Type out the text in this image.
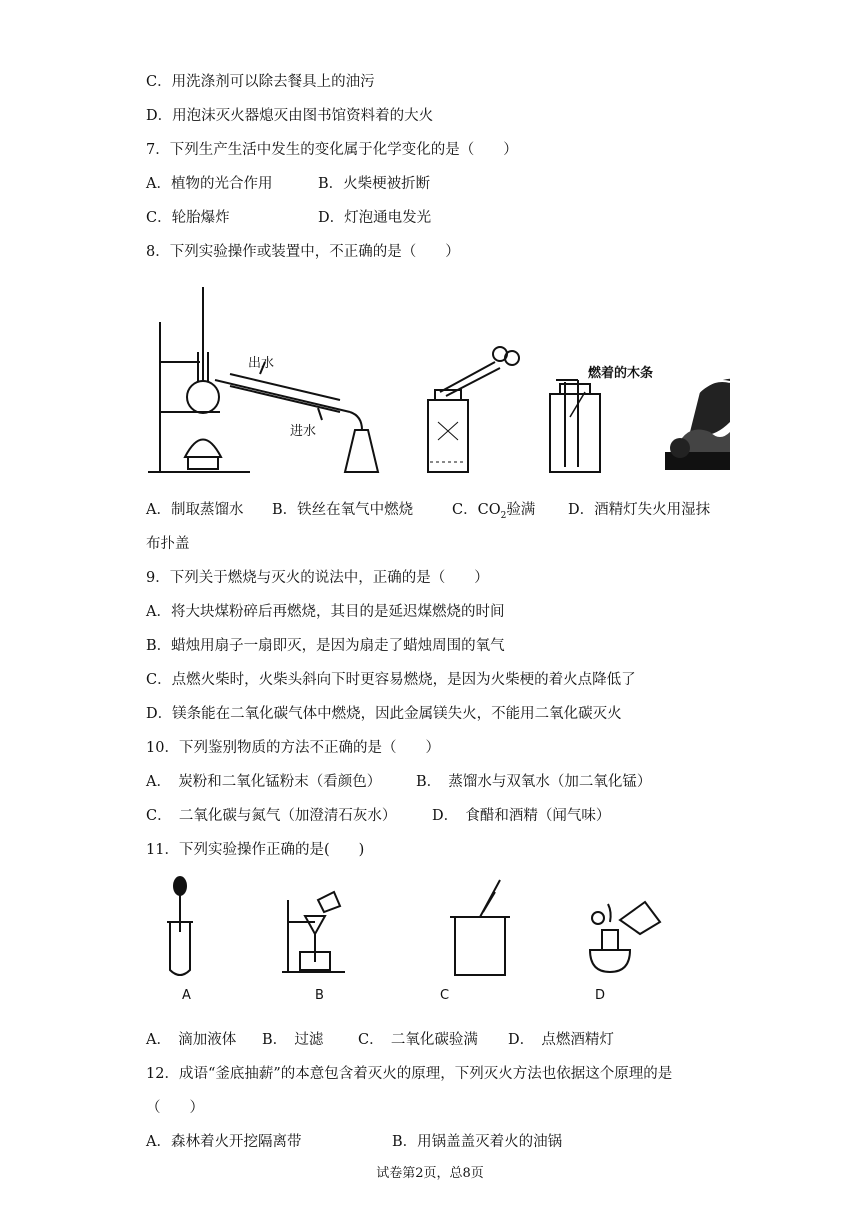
C．用洗涤剂可以除去餐具上的油污
D．用泡沫灭火器熄灭由图书馆资料着的大火
7．下列生产生活中发生的变化属于化学变化的是（　　）
A．植物的光合作用	B．火柴梗被折断
C．轮胎爆炸	D．灯泡通电发光
8．下列实验操作或装置中，不正确的是（　　）
出水
进水
燃着的木条
A．制取蒸馏水 B．铁丝在氧气中燃烧	C．$CO_2$验满 D．酒精灯失火用湿抹
布扑盖
9．下列关于燃烧与灭火的说法中，正确的是（　　）
A．将大块煤粉碎后再燃烧，其目的是延迟煤燃烧的时间
B．蜡烛用扇子一扇即灭，是因为扇走了蜡烛周围的氧气
C．点燃火柴时，火柴头斜向下时更容易燃烧，是因为火柴梗的着火点降低了
D．镁条能在二氧化碳气体中燃烧，因此金属镁失火，不能用二氧化碳灭火
10．下列鉴别物质的方法不正确的是（　　）
A．　炭粉和二氧化锰粉末（看颜色） B．　蒸馏水与双氧水（加二氧化锰）
C．　二氧化碳与氮气（加澄清石灰水） D．　食醋和酒精（闻气味）
11．下列实验操作正确的是(　　)
A	B	C	D
A．　滴加液体 B．　过滤 C．　二氧化碳验满 D．　点燃酒精灯
12．成语“釜底抽薪”的本意包含着灭火的原理，下列灭火方法也依据这个原理的是
（　　）
A．森林着火开挖隔离带	B．用锅盖盖灭着火的油锅
试卷第2页，总8页
